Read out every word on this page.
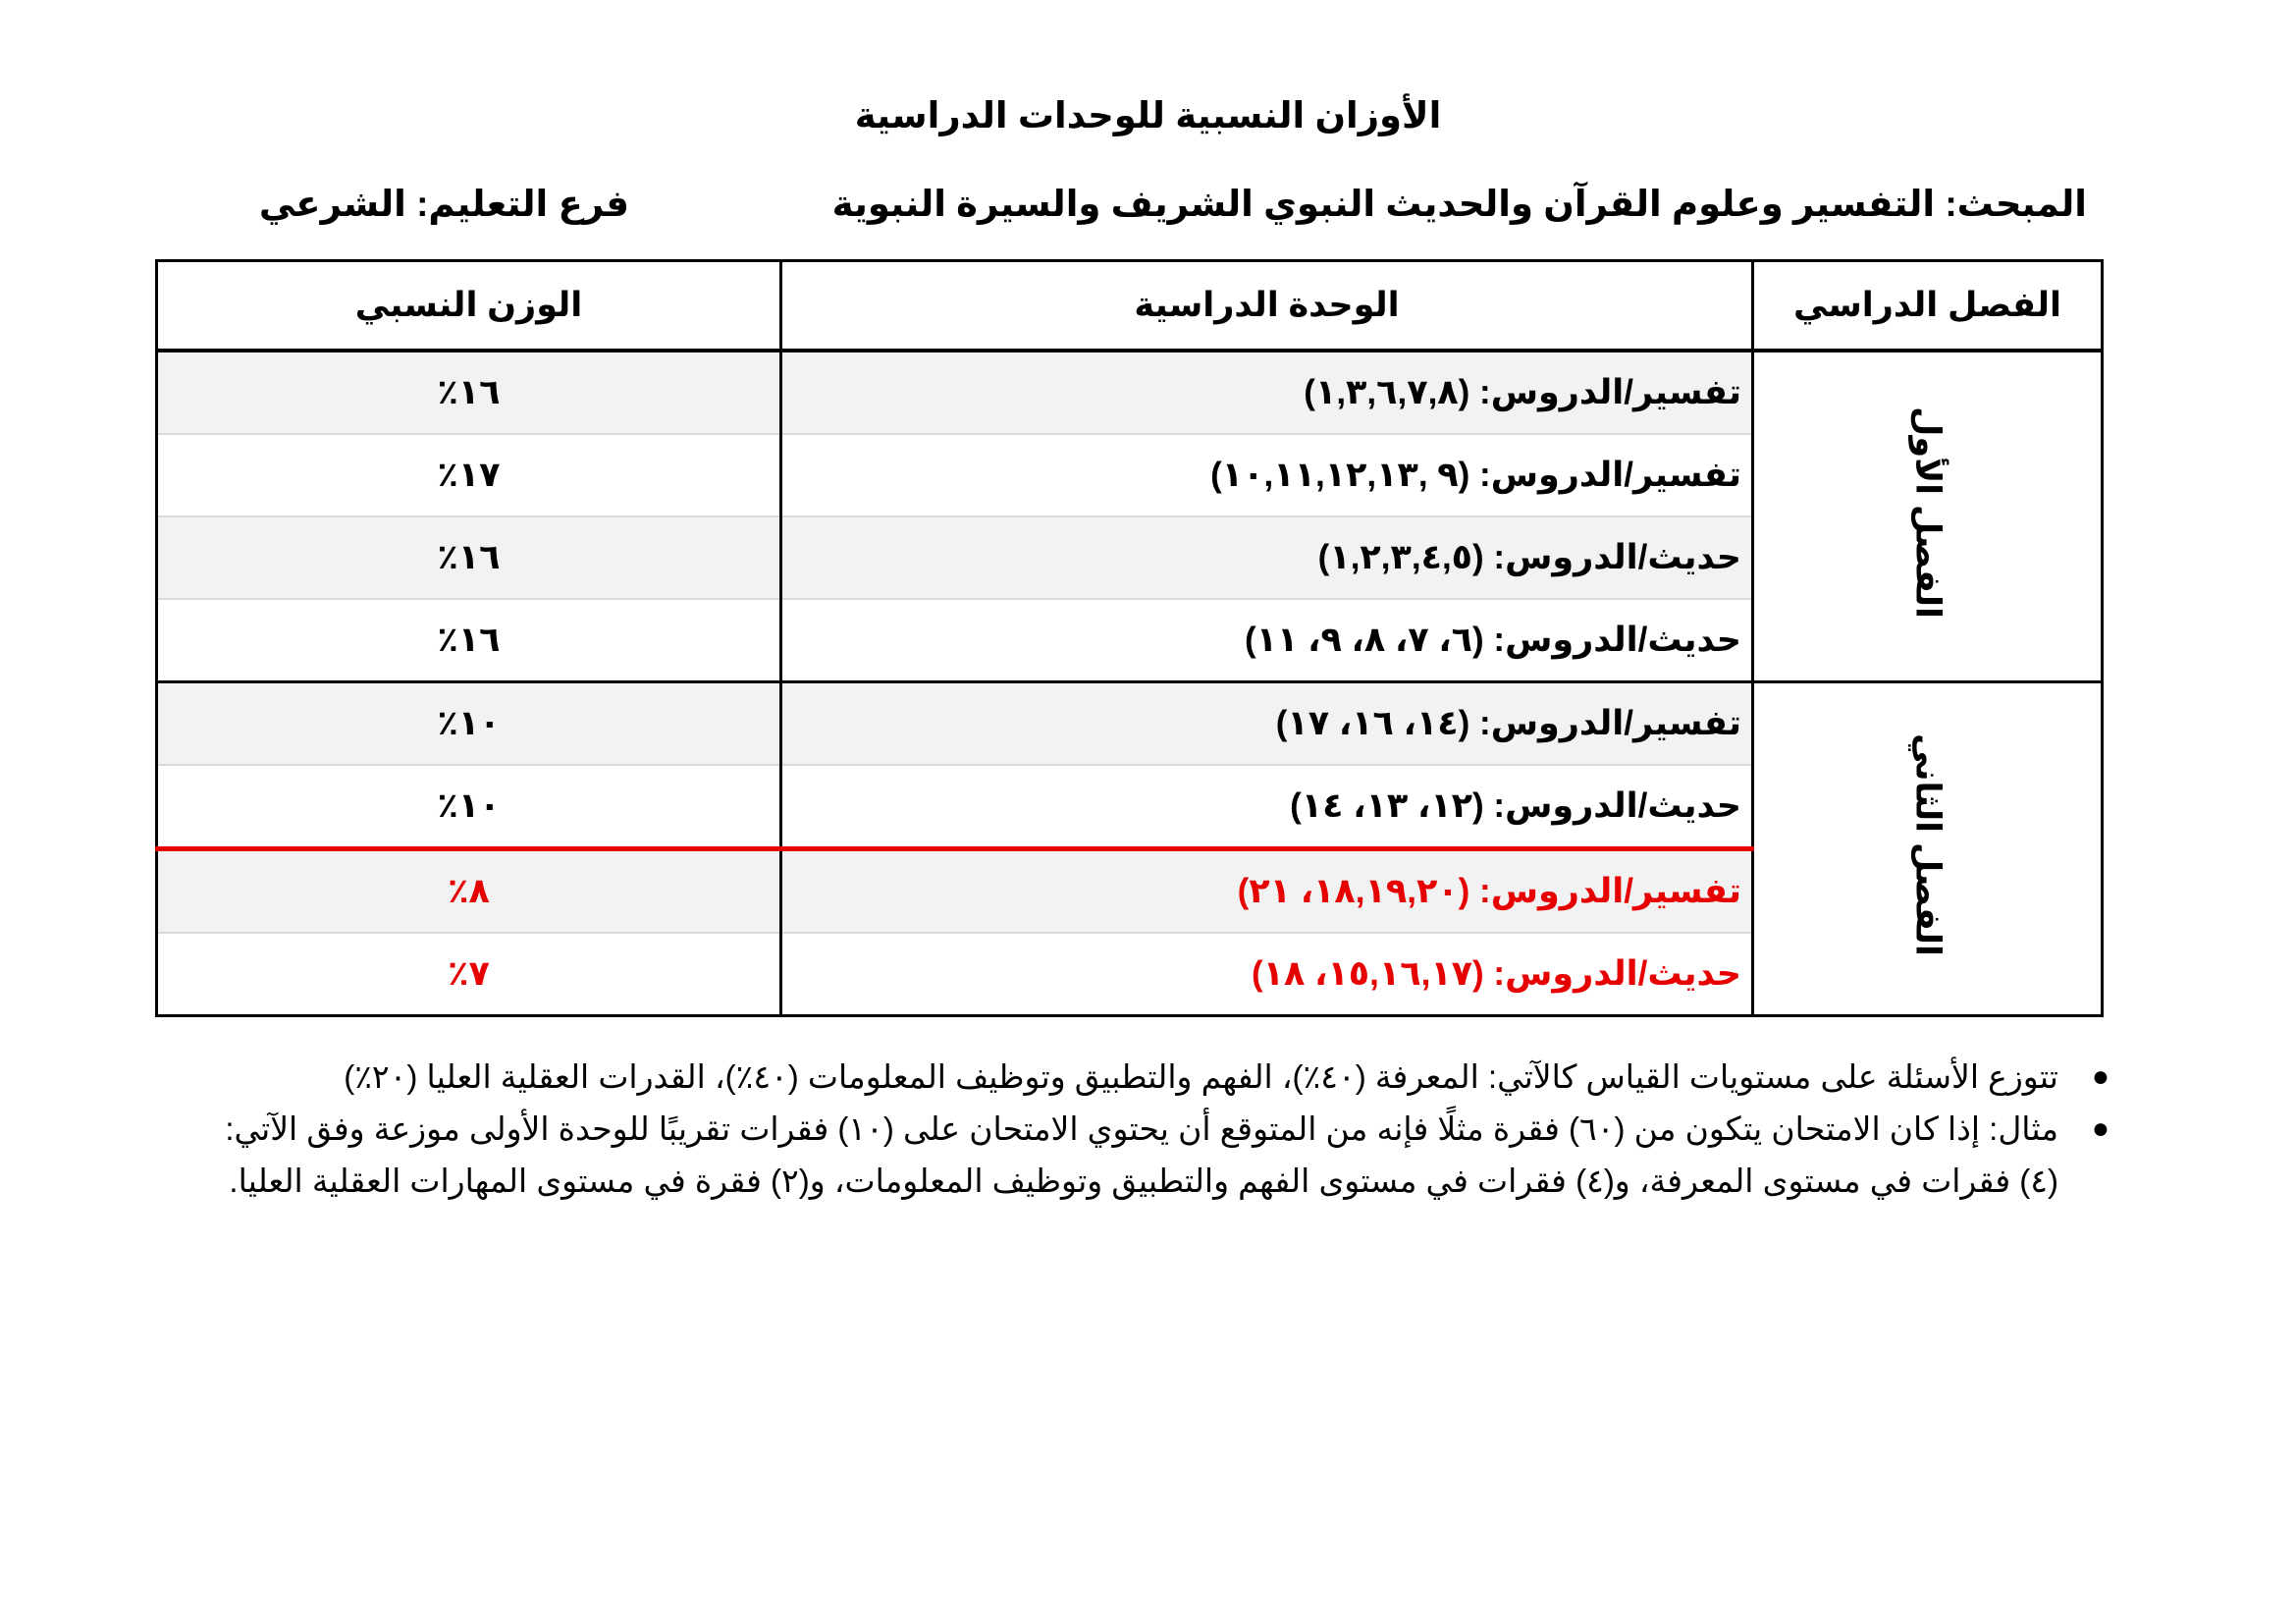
الأوزان النسبية للوحدات الدراسية
المبحث: التفسير وعلوم القرآن والحديث النبوي الشريف والسيرة النبوية
فرع التعليم: الشرعي
الفصل الدراسي	الوحدة الدراسية	الوزن النسبي
الفصل الأول	تفسير/الدروس: (١,٣,٦,٧,٨)	١٦٪
	تفسير/الدروس: (٩ ,١٠,١١,١٢,١٣)	١٧٪
	حديث/الدروس: (١,٢,٣,٤,٥)	١٦٪
	حديث/الدروس: (٦، ٧، ٨، ٩، ١١)	١٦٪
الفصل الثاني	تفسير/الدروس: (١٤، ١٦، ١٧)	١٠٪
	حديث/الدروس: (١٢، ١٣، ١٤)	١٠٪
	تفسير/الدروس: (١٨,١٩,٢٠، ٢١)	٨٪
	حديث/الدروس: (١٥,١٦,١٧، ١٨)	٧٪
●
تتوزع الأسئلة على مستويات القياس كالآتي: المعرفة (٤٠٪)، الفهم والتطبيق وتوظيف المعلومات (٤٠٪)، القدرات العقلية العليا (٢٠٪)
●
مثال: إذا كان الامتحان يتكون من (٦٠) فقرة مثلًا فإنه من المتوقع أن يحتوي الامتحان على (١٠) فقرات تقريبًا للوحدة الأولى موزعة وفق الآتي: (٤) فقرات في مستوى المعرفة، و(٤) فقرات في مستوى الفهم والتطبيق وتوظيف المعلومات، و(٢) فقرة في مستوى المهارات العقلية العليا.
